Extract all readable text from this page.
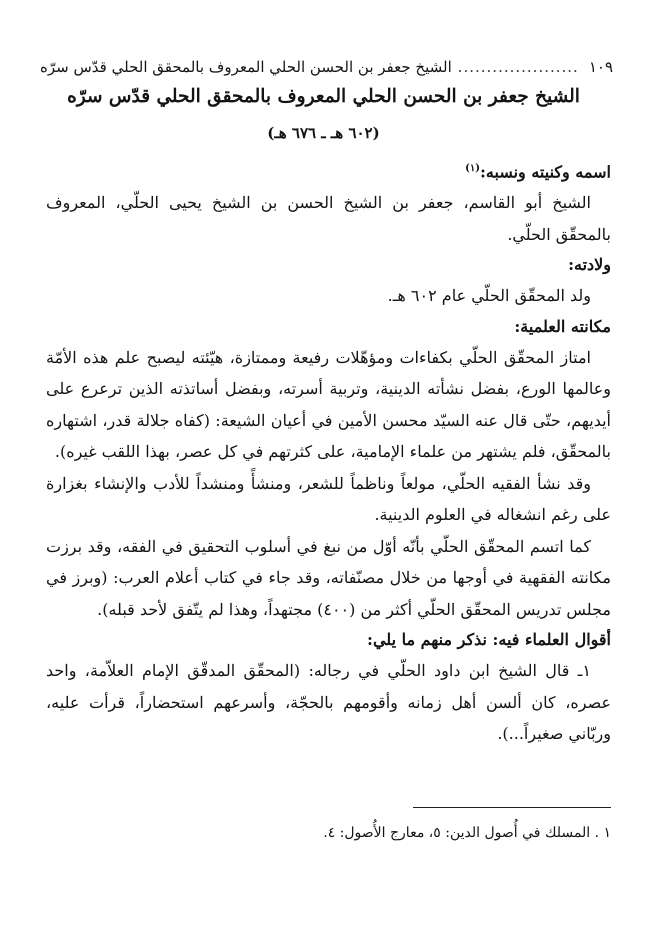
١٠٩
.....
الشيخ جعفر بن الحسن الحلي المعروف بالمحقق الحلي قدّس سرّه
الشيخ جعفر بن الحسن الحلي المعروف بالمحقق الحلي قدّس سرّه
(٦٠٢ هـ ـ ٦٧٦ هـ)

اسمه وكنيته ونسبه:$^{(١)}$

الشيخ أبو القاسم، جعفر بن الشيخ الحسن بن الشيخ يحيى الحلّي، المعروف بالمحقّق الحلّي.

ولادته:

ولد المحقّق الحلّي عام ٦٠٢ هـ.

مكانته العلمية:

امتاز المحقّق الحلّي بكفاءات ومؤهّلات رفيعة وممتازة، هيّئته ليصبح علم هذه الأمّة وعالمها الورع، بفضل نشأته الدينية، وتربية أسرته، وبفضل أساتذته الذين ترعرع على أيديهم، حتّى قال عنه السيّد محسن الأمين في أعيان الشيعة: (كفاه جلالة قدر، اشتهاره بالمحقّق، فلم يشتهر من علماء الإمامية، على كثرتهم في كل عصر، بهذا اللقب غيره).

وقد نشأ الفقيه الحلّي، مولعاً وناظماً للشعر، ومنشأً ومنشداً للأدب والإنشاء بغزارة على رغم انشغاله في العلوم الدينية.

كما اتسم المحقّق الحلّي بأنّه أوّل من نبغ في أسلوب التحقيق في الفقه، وقد برزت مكانته الفقهية في أوجها من خلال مصنّفاته، وقد جاء في كتاب أعلام العرب: (وبرز في مجلس تدريس المحقّق الحلّي أكثر من (٤٠٠) مجتهداً، وهذا لم يتّفق لأحد قبله).

أقوال العلماء فيه: نذكر منهم ما يلي:

١ـ قال الشيخ ابن داود الحلّي في رجاله: (المحقّق المدقّق الإمام العلاّمة، واحد عصره، كان ألسن أهل زمانه وأقومهم بالحجّة، وأسرعهم استحضاراً، قرأت عليه، وربّاني صغيراً...).

١ . المسلك في أُصول الدين: ٥، معارج الأُصول: ٤.
